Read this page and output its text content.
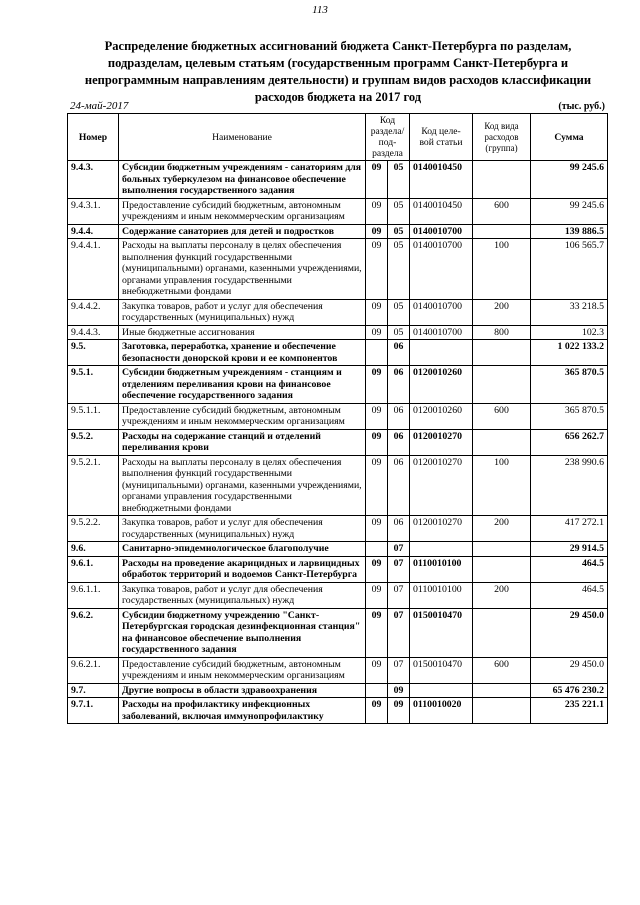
113
Распределение бюджетных ассигнований бюджета Санкт-Петербурга по разделам, подразделам, целевым статьям (государственным программ Санкт-Петербурга и непрограммным направлениям деятельности) и группам видов расходов классификации расходов бюджета на 2017 год
24-май-2017	(тыс. руб.)
Номер	Наименование	Код раздела/ под- раздела		Код целе- вой статьи	Код вида расходов (группа)	Сумма
9.4.3.	Субсидии бюджетным учреждениям - санаториям для больных туберкулезом на финансовое обеспечение выполнения государственного задания	09	05	0140010450		99 245.6
9.4.3.1.	Предоставление субсидий бюджетным, автономным учреждениям и иным некоммерческим организациям	09	05	0140010450	600	99 245.6
9.4.4.	Содержание санаториев для детей и подростков	09	05	0140010700		139 886.5
9.4.4.1.	Расходы на выплаты персоналу в целях обеспечения выполнения функций государственными (муниципальными) органами, казенными учреждениями, органами управления государственными внебюджетными фондами	09	05	0140010700	100	106 565.7
9.4.4.2.	Закупка товаров, работ и услуг для обеспечения государственных (муниципальных) нужд	09	05	0140010700	200	33 218.5
9.4.4.3.	Иные бюджетные ассигнования	09	05	0140010700	800	102.3
9.5.	Заготовка, переработка, хранение и обеспечение безопасности донорской крови и ее компонентов		06			1 022 133.2
9.5.1.	Субсидии бюджетным учреждениям - станциям и отделениям переливания крови на финансовое обеспечение государственного задания	09	06	0120010260		365 870.5
9.5.1.1.	Предоставление субсидий бюджетным, автономным учреждениям и иным некоммерческим организациям	09	06	0120010260	600	365 870.5
9.5.2.	Расходы на содержание станций и отделений переливания крови	09	06	0120010270		656 262.7
9.5.2.1.	Расходы на выплаты персоналу в целях обеспечения выполнения функций государственными (муниципальными) органами, казенными учреждениями, органами управления государственными внебюджетными фондами	09	06	0120010270	100	238 990.6
9.5.2.2.	Закупка товаров, работ и услуг для обеспечения государственных (муниципальных) нужд	09	06	0120010270	200	417 272.1
9.6.	Санитарно-эпидемиологическое благополучие		07			29 914.5
9.6.1.	Расходы на проведение акарицидных и ларвицидных обработок территорий и водоемов Санкт-Петербурга	09	07	0110010100		464.5
9.6.1.1.	Закупка товаров, работ и услуг для обеспечения государственных (муниципальных) нужд	09	07	0110010100	200	464.5
9.6.2.	Субсидии бюджетному учреждению "Санкт-Петербургская городская дезинфекционная станция" на финансовое обеспечение выполнения государственного задания	09	07	0150010470		29 450.0
9.6.2.1.	Предоставление субсидий бюджетным, автономным учреждениям и иным некоммерческим организациям	09	07	0150010470	600	29 450.0
9.7.	Другие вопросы в области здравоохранения		09			65 476 230.2
9.7.1.	Расходы на профилактику инфекционных заболеваний, включая иммунопрофилактику	09	09	0110010020		235 221.1
